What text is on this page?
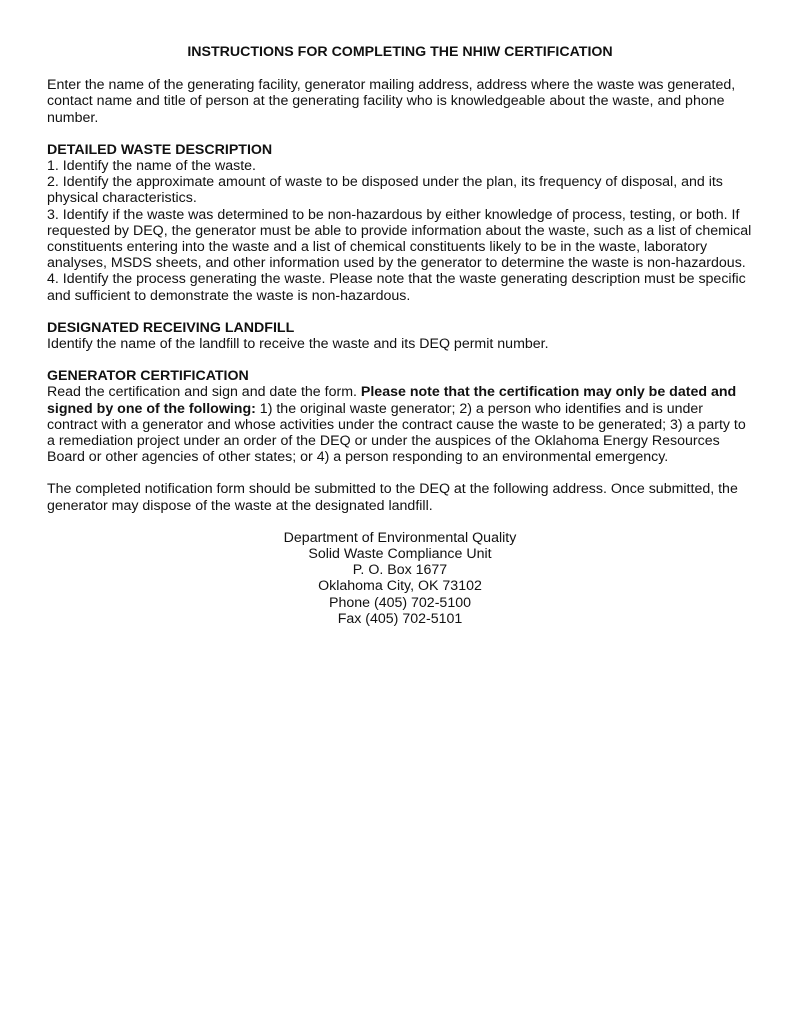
INSTRUCTIONS FOR COMPLETING THE NHIW CERTIFICATION

Enter the name of the generating facility, generator mailing address, address where the waste was generated, contact name and title of person at the generating facility who is knowledgeable about the waste, and phone number.

DETAILED WASTE DESCRIPTION

1. Identify the name of the waste.

2. Identify the approximate amount of waste to be disposed under the plan, its frequency of disposal, and its physical characteristics.

3. Identify if the waste was determined to be non-hazardous by either knowledge of process, testing, or both. If requested by DEQ, the generator must be able to provide information about the waste, such as a list of chemical constituents entering into the waste and a list of chemical constituents likely to be in the waste, laboratory analyses, MSDS sheets, and other information used by the generator to determine the waste is non-hazardous.

4. Identify the process generating the waste. Please note that the waste generating description must be specific and sufficient to demonstrate the waste is non-hazardous.

DESIGNATED RECEIVING LANDFILL

Identify the name of the landfill to receive the waste and its DEQ permit number.

GENERATOR CERTIFICATION

Read the certification and sign and date the form. Please note that the certification may only be dated and signed by one of the following: 1) the original waste generator; 2) a person who identifies and is under contract with a generator and whose activities under the contract cause the waste to be generated; 3) a party to a remediation project under an order of the DEQ or under the auspices of the Oklahoma Energy Resources Board or other agencies of other states; or 4) a person responding to an environmental emergency.

The completed notification form should be submitted to the DEQ at the following address. Once submitted, the generator may dispose of the waste at the designated landfill.

Department of Environmental Quality
Solid Waste Compliance Unit
P. O. Box 1677
Oklahoma City, OK 73102
Phone (405) 702-5100
Fax (405) 702-5101
